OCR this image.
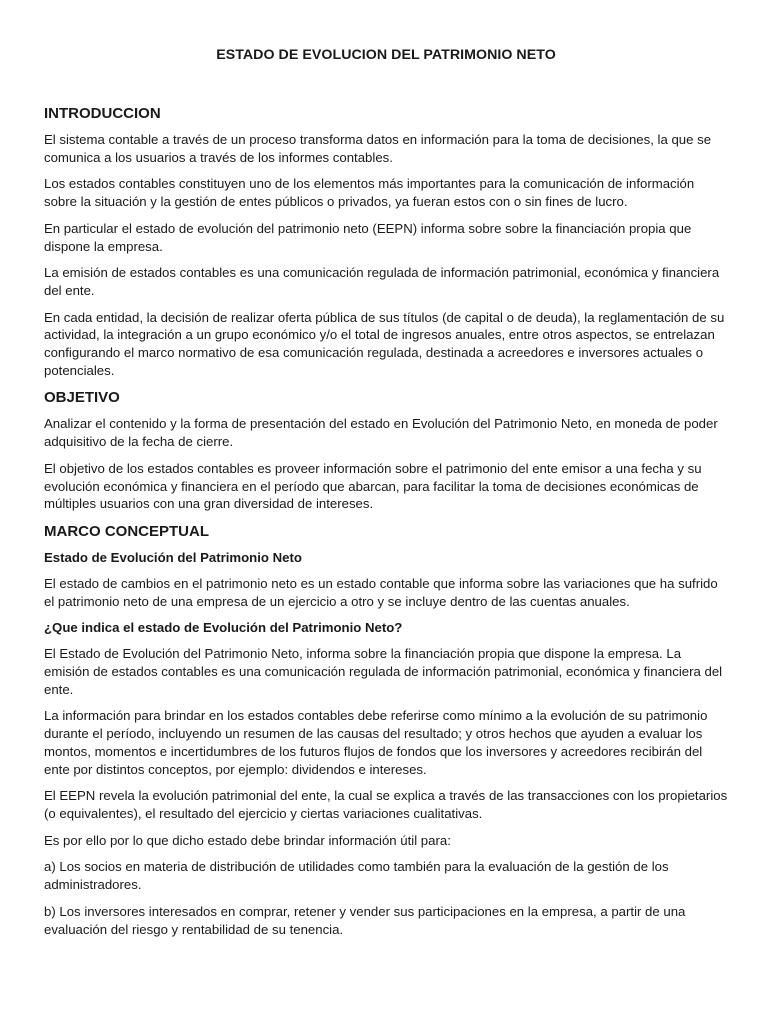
ESTADO DE EVOLUCION DEL PATRIMONIO NETO
INTRODUCCION

El sistema contable a través de un proceso transforma datos en información para la toma de decisiones, la que se comunica a los usuarios a través de los informes contables.

Los estados contables constituyen uno de los elementos más importantes para la comunicación de información sobre la situación y la gestión de entes públicos o privados, ya fueran estos con o sin fines de lucro.

En particular el estado de evolución del patrimonio neto (EEPN) informa sobre sobre la financiación propia que dispone la empresa.

La emisión de estados contables es una comunicación regulada de información patrimonial, económica y financiera del ente.

En cada entidad, la decisión de realizar oferta pública de sus títulos (de capital o de deuda), la reglamentación de su actividad, la integración a un grupo económico y/o el total de ingresos anuales, entre otros aspectos, se entrelazan configurando el marco normativo de esa comunicación regulada, destinada a acreedores e inversores actuales o potenciales.

OBJETIVO

Analizar el contenido y la forma de presentación del estado en Evolución del Patrimonio Neto, en moneda de poder adquisitivo de la fecha de cierre.

El objetivo de los estados contables es proveer información sobre el patrimonio del ente emisor a una fecha y su evolución económica y financiera en el período que abarcan, para facilitar la toma de decisiones económicas de múltiples usuarios con una gran diversidad de intereses.

MARCO CONCEPTUAL
Estado de Evolución del Patrimonio Neto

El estado de cambios en el patrimonio neto es un estado contable que informa sobre las variaciones que ha sufrido el patrimonio neto de una empresa de un ejercicio a otro y se incluye dentro de las cuentas anuales.

¿Que indica el estado de Evolución del Patrimonio Neto?

El Estado de Evolución del Patrimonio Neto, informa sobre la financiación propia que dispone la empresa. La emisión de estados contables es una comunicación regulada de información patrimonial, económica y financiera del ente.

La información para brindar en los estados contables debe referirse como mínimo a la evolución de su patrimonio durante el período, incluyendo un resumen de las causas del resultado; y otros hechos que ayuden a evaluar los montos, momentos e incertidumbres de los futuros flujos de fondos que los inversores y acreedores recibirán del ente por distintos conceptos, por ejemplo: dividendos e intereses.

El EEPN revela la evolución patrimonial del ente, la cual se explica a través de las transacciones con los propietarios (o equivalentes), el resultado del ejercicio y ciertas variaciones cualitativas.

Es por ello por lo que dicho estado debe brindar información útil para:

a) Los socios en materia de distribución de utilidades como también para la evaluación de la gestión de los administradores.

b) Los inversores interesados en comprar, retener y vender sus participaciones en la empresa, a partir de una evaluación del riesgo y rentabilidad de su tenencia.
